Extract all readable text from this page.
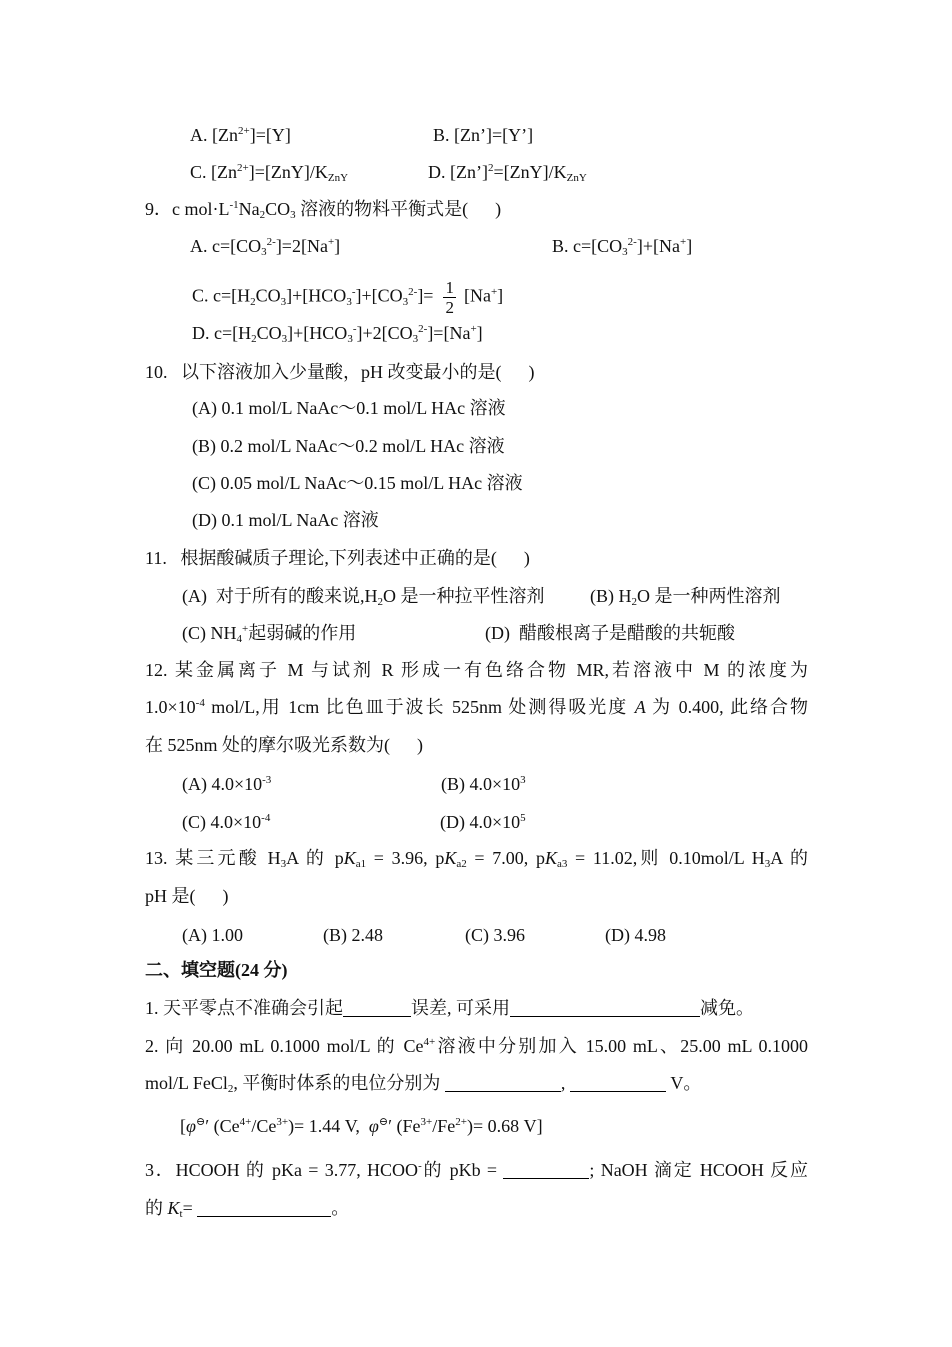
A. $[Zn^{2+}]=[Y]$	B. [Zn’]=[Y’]
C. $[Zn^{2+}]=[ZnY]/K_{ZnY}$	D. $[Zn’]^2=[ZnY]/K_{ZnY}$
9．c $mol\cdot L^{-1}Na_2CO_3$ 溶液的物料平衡式是(      )
A. $c=[CO_3^{2-}]=2[Na^+]$	B. $c=[CO_3^{2-}]+[Na^+]$
C. $c=[H_2CO_3]+[HCO_3^-]+[CO_3^{2-}]= \frac{1}{2} [Na^+]$
D. $c=[H_2CO_3]+[HCO_3^-]+2[CO_3^{2-}]=[Na^+]$
10.   以下溶液加入少量酸，pH 改变最小的是(      )
(A) 0.1 mol/L NaAc～0.1 mol/L HAc 溶液
(B) 0.2 mol/L NaAc～0.2 mol/L HAc 溶液
(C) 0.05 mol/L NaAc～0.15 mol/L HAc 溶液
(D) 0.1 mol/L NaAc 溶液
11.   根据酸碱质子理论,下列表述中正确的是(      )
(A)  对于所有的酸来说$,H_2O$ 是一种拉平性溶剂	(B) $H_2O$ 是一种两性溶剂
(C) $NH_4^+$起弱碱的作用	(D)  醋酸根离子是醋酸的共轭酸
12. 某金属离子 M 与试剂 R 形成一有色络合物 MR,若溶液中 M 的浓度为
$1.0\times 10^{-4}$ mol/L,用 1cm 比色皿于波长 525nm 处测得吸光度 A 为 0.400, 此络合物
在 525nm 处的摩尔吸光系数为(      )
(A) $4.0\times 10^{-3}$	(B) $4.0\times 10^3$
(C) $4.0\times 10^{-4}$	(D) $4.0\times 10^5$
13. 某三元酸 $H_3A$ 的 $pK_{a1} = 3.96$, $pK_{a2} = 7.00$, $pK_{a3} = 11.02$,则 0.10mol/L $H_3A$ 的
pH 是(      )
(A) 1.00	(B) 2.48	(C) 3.96	(D) 4.98
二、填空题(24 分)
1. 天平零点不准确会引起	误差, 可采用	减免。
2. 向 20.00 mL 0.1000 mol/L 的 $Ce^{4+}$溶液中分别加入 15.00 mL、25.00 mL 0.1000
mol/L FeCl$_2$, 平衡时体系的电位分别为	,	V。
[φ⊖′ $(Ce^{4+}/Ce^{3+})= 1.44$ V,  φ⊖′ $(Fe^{3+}/Fe^{2+})= 0.68$ V]
3．HCOOH 的 pKa = 3.77, HCOO-的 pKb =	; NaOH 滴定 HCOOH 反应
的 $K_t=$	。
